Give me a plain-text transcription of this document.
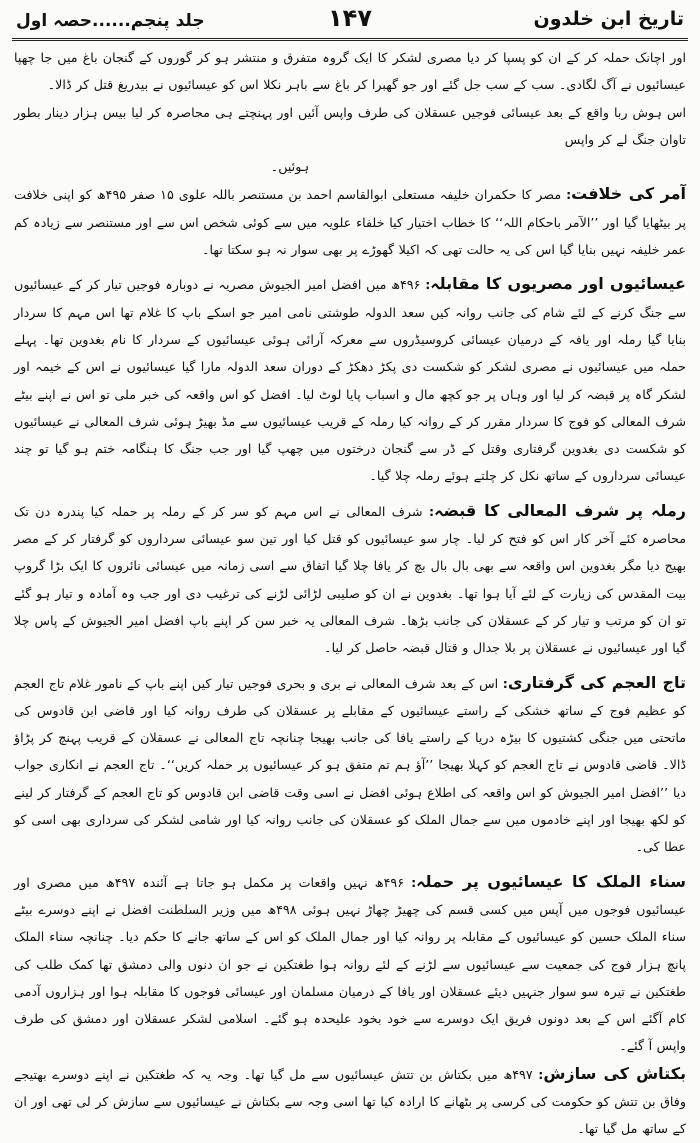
تاریخ ابن خلدون
۱۴۷
جلد پنجم......حصہ اول

اور اچانک حملہ کر کے ان کو پسپا کر دیا مصری لشکر کا ایک گروہ متفرق و منتشر ہو کر گوروں کے گنجان باغ میں جا چھپا عیسائیوں نے آگ لگادی۔ سب کے سب جل گئے اور جو گھبرا کر باغ سے باہر نکلا اس کو عیسائیوں نے بیدریغ قتل کر ڈالا۔

اس ہوش ربا واقع کے بعد عیسائی فوجیں عسقلان کی طرف واپس آئیں اور پہنچتے ہی محاصرہ کر لیا بیس ہزار دینار بطور تاوان جنگ لے کر واپس

ہوئیں۔

آمر کی خلافت: مصر کا حکمران خلیفہ مستعلی ابوالقاسم احمد بن مستنصر باللہ علوی ۱۵ صفر ۴۹۵ھ کو اپنی خلافت پر بیٹھایا گیا اور ’’الآمر باحکام اللہ‘‘ کا خطاب اختیار کیا خلفاء علویہ میں سے کوئی شخص اس سے اور مستنصر سے زیادہ کم عمر خلیفہ نہیں بنایا گیا اس کی یہ حالت تھی کہ اکیلا گھوڑے پر بھی سوار نہ ہو سکتا تھا۔

عیسائیوں اور مصریوں کا مقابلہ: ۴۹۶ھ میں افضل امیر الجیوش مصریہ نے دوبارہ فوجیں تیار کر کے عیسائیوں سے جنگ کرنے کے لئے شام کی جانب روانہ کیں سعد الدولہ طوشتی نامی امیر جو اسکے باپ کا غلام تھا اس مہم کا سردار بنایا گیا رملہ اور یافہ کے درمیان عیسائی کروسیڈروں سے معرکہ آرائی ہوئی عیسائیوں کے سردار کا نام بغدوین تھا۔ پہلے حملہ میں عیسائیوں نے مصری لشکر کو شکست دی پکڑ دھکڑ کے دوران سعد الدولہ مارا گیا عیسائیوں نے اس کے خیمہ اور لشکر گاہ پر قبضہ کر لیا اور وہاں پر جو کچھ مال و اسباب پایا لوٹ لیا۔ افضل کو اس واقعہ کی خبر ملی تو اس نے اپنے بیٹے شرف المعالی کو فوج کا سردار مقرر کر کے روانہ کیا رملہ کے قریب عیسائیوں سے مڈ بھیڑ ہوئی شرف المعالی نے عیسائیوں کو شکست دی بغدوین گرفتاری وقتل کے ڈر سے گنجان درختوں میں چھپ گیا اور جب جنگ کا ہنگامہ ختم ہو گیا تو چند عیسائی سرداروں کے ساتھ نکل کر چلتے ہوئے رملہ چلا گیا۔

رملہ پر شرف المعالی کا قبضہ: شرف المعالی نے اس مہم کو سر کر کے رملہ پر حملہ کیا پندرہ دن تک محاصرہ کئے آخر کار اس کو فتح کر لیا۔ چار سو عیسائیوں کو قتل کیا اور تین سو عیسائی سرداروں کو گرفتار کر کے مصر بھیج دیا مگر بغدوین اس واقعہ سے بھی بال بال بچ کر یافا چلا گیا اتفاق سے اسی زمانہ میں عیسائی نائروں کا ایک بڑا گروپ بیت المقدس کی زیارت کے لئے آیا ہوا تھا۔ بغدوین نے ان کو صلیبی لڑائی لڑنے کی ترغیب دی اور جب وہ آمادہ و تیار ہو گئے تو ان کو مرتب و تیار کر کے عسقلان کی جانب بڑھا۔ شرف المعالی یہ خبر سن کر اپنے باپ افضل امیر الجیوش کے پاس چلا گیا اور عیسائیوں نے عسقلان پر بلا جدال و قتال قبضہ حاصل کر لیا۔

تاج العجم کی گرفتاری: اس کے بعد شرف المعالی نے بری و بحری فوجیں تیار کیں اپنے باپ کے نامور غلام تاج العجم کو عظیم فوج کے ساتھ خشکی کے راستے عیسائیوں کے مقابلے پر عسقلان کی طرف روانہ کیا اور قاضی ابن قادوس کی ماتحتی میں جنگی کشتیوں کا بیڑہ دریا کے راستے یافا کی جانب بھیجا چنانچہ تاج المعالی نے عسقلان کے قریب پہنچ کر پڑاؤ ڈالا۔ قاضی قادوس نے تاج العجم کو کہلا بھیجا ’’آؤ ہم تم متفق ہو کر عیسائیوں پر حملہ کریں‘‘۔ تاج العجم نے انکاری جواب دیا ’’افضل امیر الجیوش کو اس واقعہ کی اطلاع ہوئی افضل نے اسی وقت قاضی ابن قادوس کو تاج العجم کے گرفتار کر لینے کو لکھ بھیجا اور اپنے خادموں میں سے جمال الملک کو عسقلان کی جانب روانہ کیا اور شامی لشکر کی سرداری بھی اسی کو عطا کی۔

سناء الملک کا عیسائیوں پر حملہ: ۴۹۶ھ نہیں واقعات پر مکمل ہو جاتا ہے آئندہ ۴۹۷ھ میں مصری اور عیسائیوں فوجوں میں آپس میں کسی قسم کی چھیڑ چھاڑ نہیں ہوئی ۴۹۸ھ میں وزیر السلطنت افضل نے اپنے دوسرے بیٹے سناء الملک حسین کو عیسائیوں کے مقابلہ پر روانہ کیا اور جمال الملک کو اس کے ساتھ جانے کا حکم دیا۔ چنانچہ سناء الملک پانچ ہزار فوج کی جمعیت سے عیسائیوں سے لڑنے کے لئے روانہ ہوا طغتکین نے جو ان دنوں والی دمشق تھا کمک طلب کی طغتکین نے تیرہ سو سوار جنہیں دیئے عسقلان اور یافا کے درمیان مسلمان اور عیسائی فوجوں کا مقابلہ ہوا اور ہزاروں آدمی کام آگئے اس کے بعد دونوں فریق ایک دوسرے سے خود بخود علیحدہ ہو گئے۔ اسلامی لشکر عسقلان اور دمشق کی طرف واپس آ گئے۔

بکتاش کی سازش: ۴۹۷ھ میں بکتاش بن تتش عیسائیوں سے مل گیا تھا۔ وجہ یہ کہ طغتکین نے اپنے دوسرے بھتیجے وفاق بن تتش کو حکومت کی کرسی پر بٹھانے کا ارادہ کیا تھا اسی وجہ سے بکتاش نے عیسائیوں سے سازش کر لی تھی اور ان کے ساتھ مل گیا تھا۔
